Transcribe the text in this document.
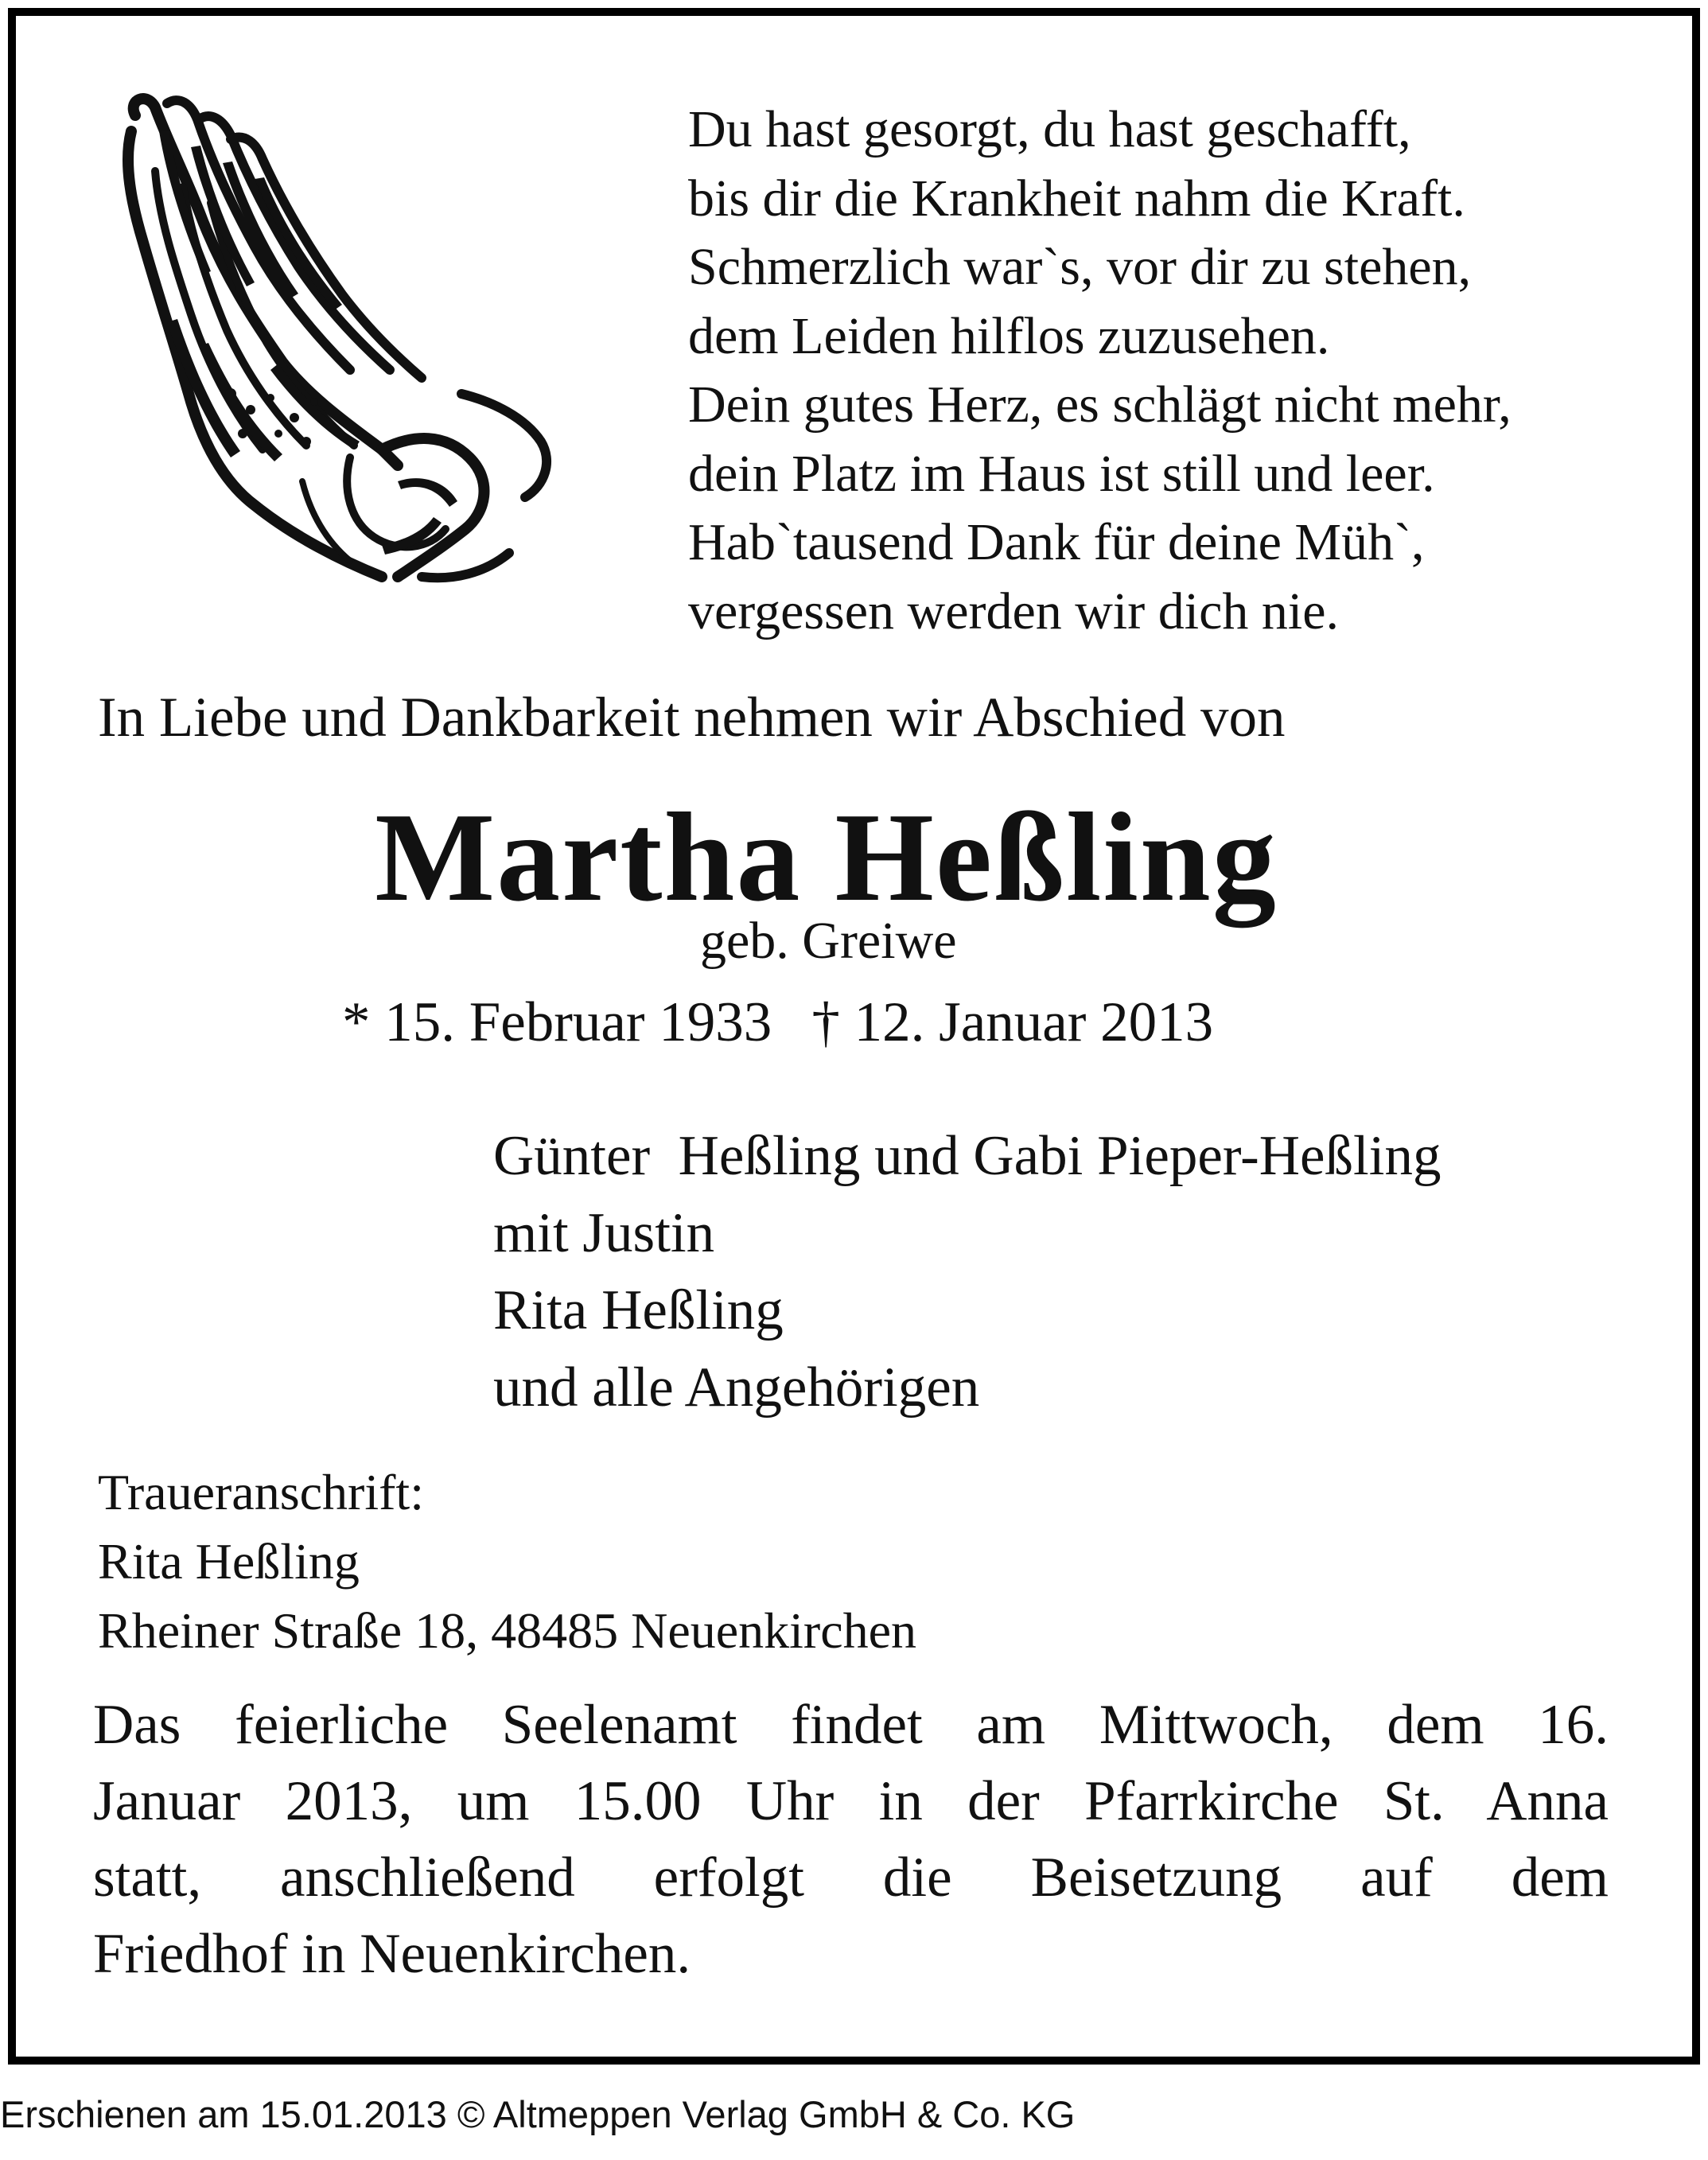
Du hast gesorgt, du hast geschafft,
bis dir die Krankheit nahm die Kraft.
Schmerzlich war`s, vor dir zu stehen,
dem Leiden hilflos zuzusehen.
Dein gutes Herz, es schlägt nicht mehr,
dein Platz im Haus ist still und leer.
Hab`tausend Dank für deine Müh`,
vergessen werden wir dich nie.
In Liebe und Dankbarkeit nehmen wir Abschied von
Martha Heßling
geb. Greiwe
* 15. Februar 1933 † 12. Januar 2013
Günter  Heßling und Gabi Pieper-Heßling
mit Justin
Rita Heßling
und alle Angehörigen
Traueranschrift:
Rita Heßling
Rheiner Straße 18, 48485 Neuenkirchen
Das feierliche Seelenamt findet am Mittwoch, dem 16.
Januar 2013, um 15.00 Uhr in der Pfarrkirche St. Anna
statt, anschließend erfolgt die Beisetzung auf dem
Friedhof in Neuenkirchen.
Erschienen am 15.01.2013 © Altmeppen Verlag GmbH & Co. KG
